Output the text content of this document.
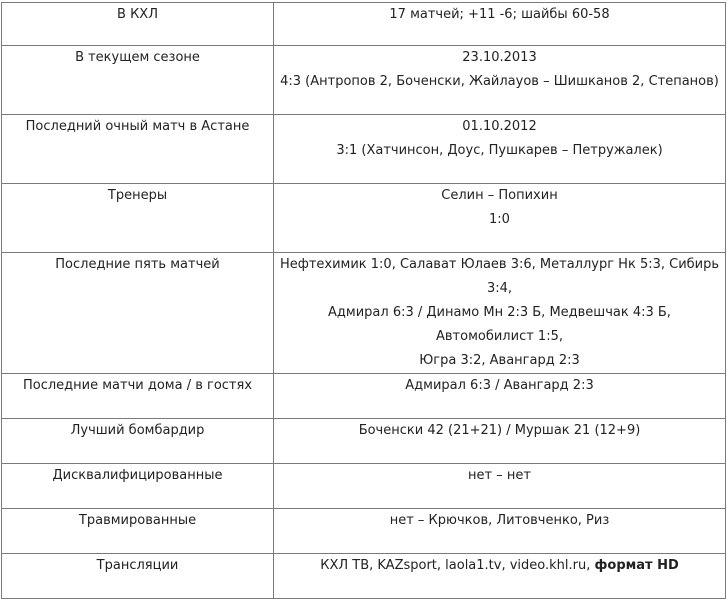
В КХЛ	17 матчей; +11 -6; шайбы 60-58

В текущем сезоне	23.10.2013
4:3 (Антропов 2, Боченски, Жайлауов – Шишканов 2, Степанов)

Последний очный матч в Астане	01.10.2012
3:1 (Хатчинсон, Доус, Пушкарев – Петружалек)

Тренеры	Селин – Попихин
1:0

Последние пять матчей	Нефтехимик 1:0, Салават Юлаев 3:6, Металлург Нк 5:3, Сибирь 3:4,
Адмирал 6:3 / Динамо Мн 2:3 Б, Медвешчак 4:3 Б, Автомобилист 1:5,
Югра 3:2, Авангард 2:3

Последние матчи дома / в гостях	Адмирал 6:3 / Авангард 2:3

Лучший бомбардир	Боченски 42 (21+21) / Муршак 21 (12+9)

Дисквалифицированные	нет – нет

Травмированные	нет – Крючков, Литовченко, Риз

Трансляции	КХЛ ТВ, KAZsport, laola1.tv, video.khl.ru, формат HD
